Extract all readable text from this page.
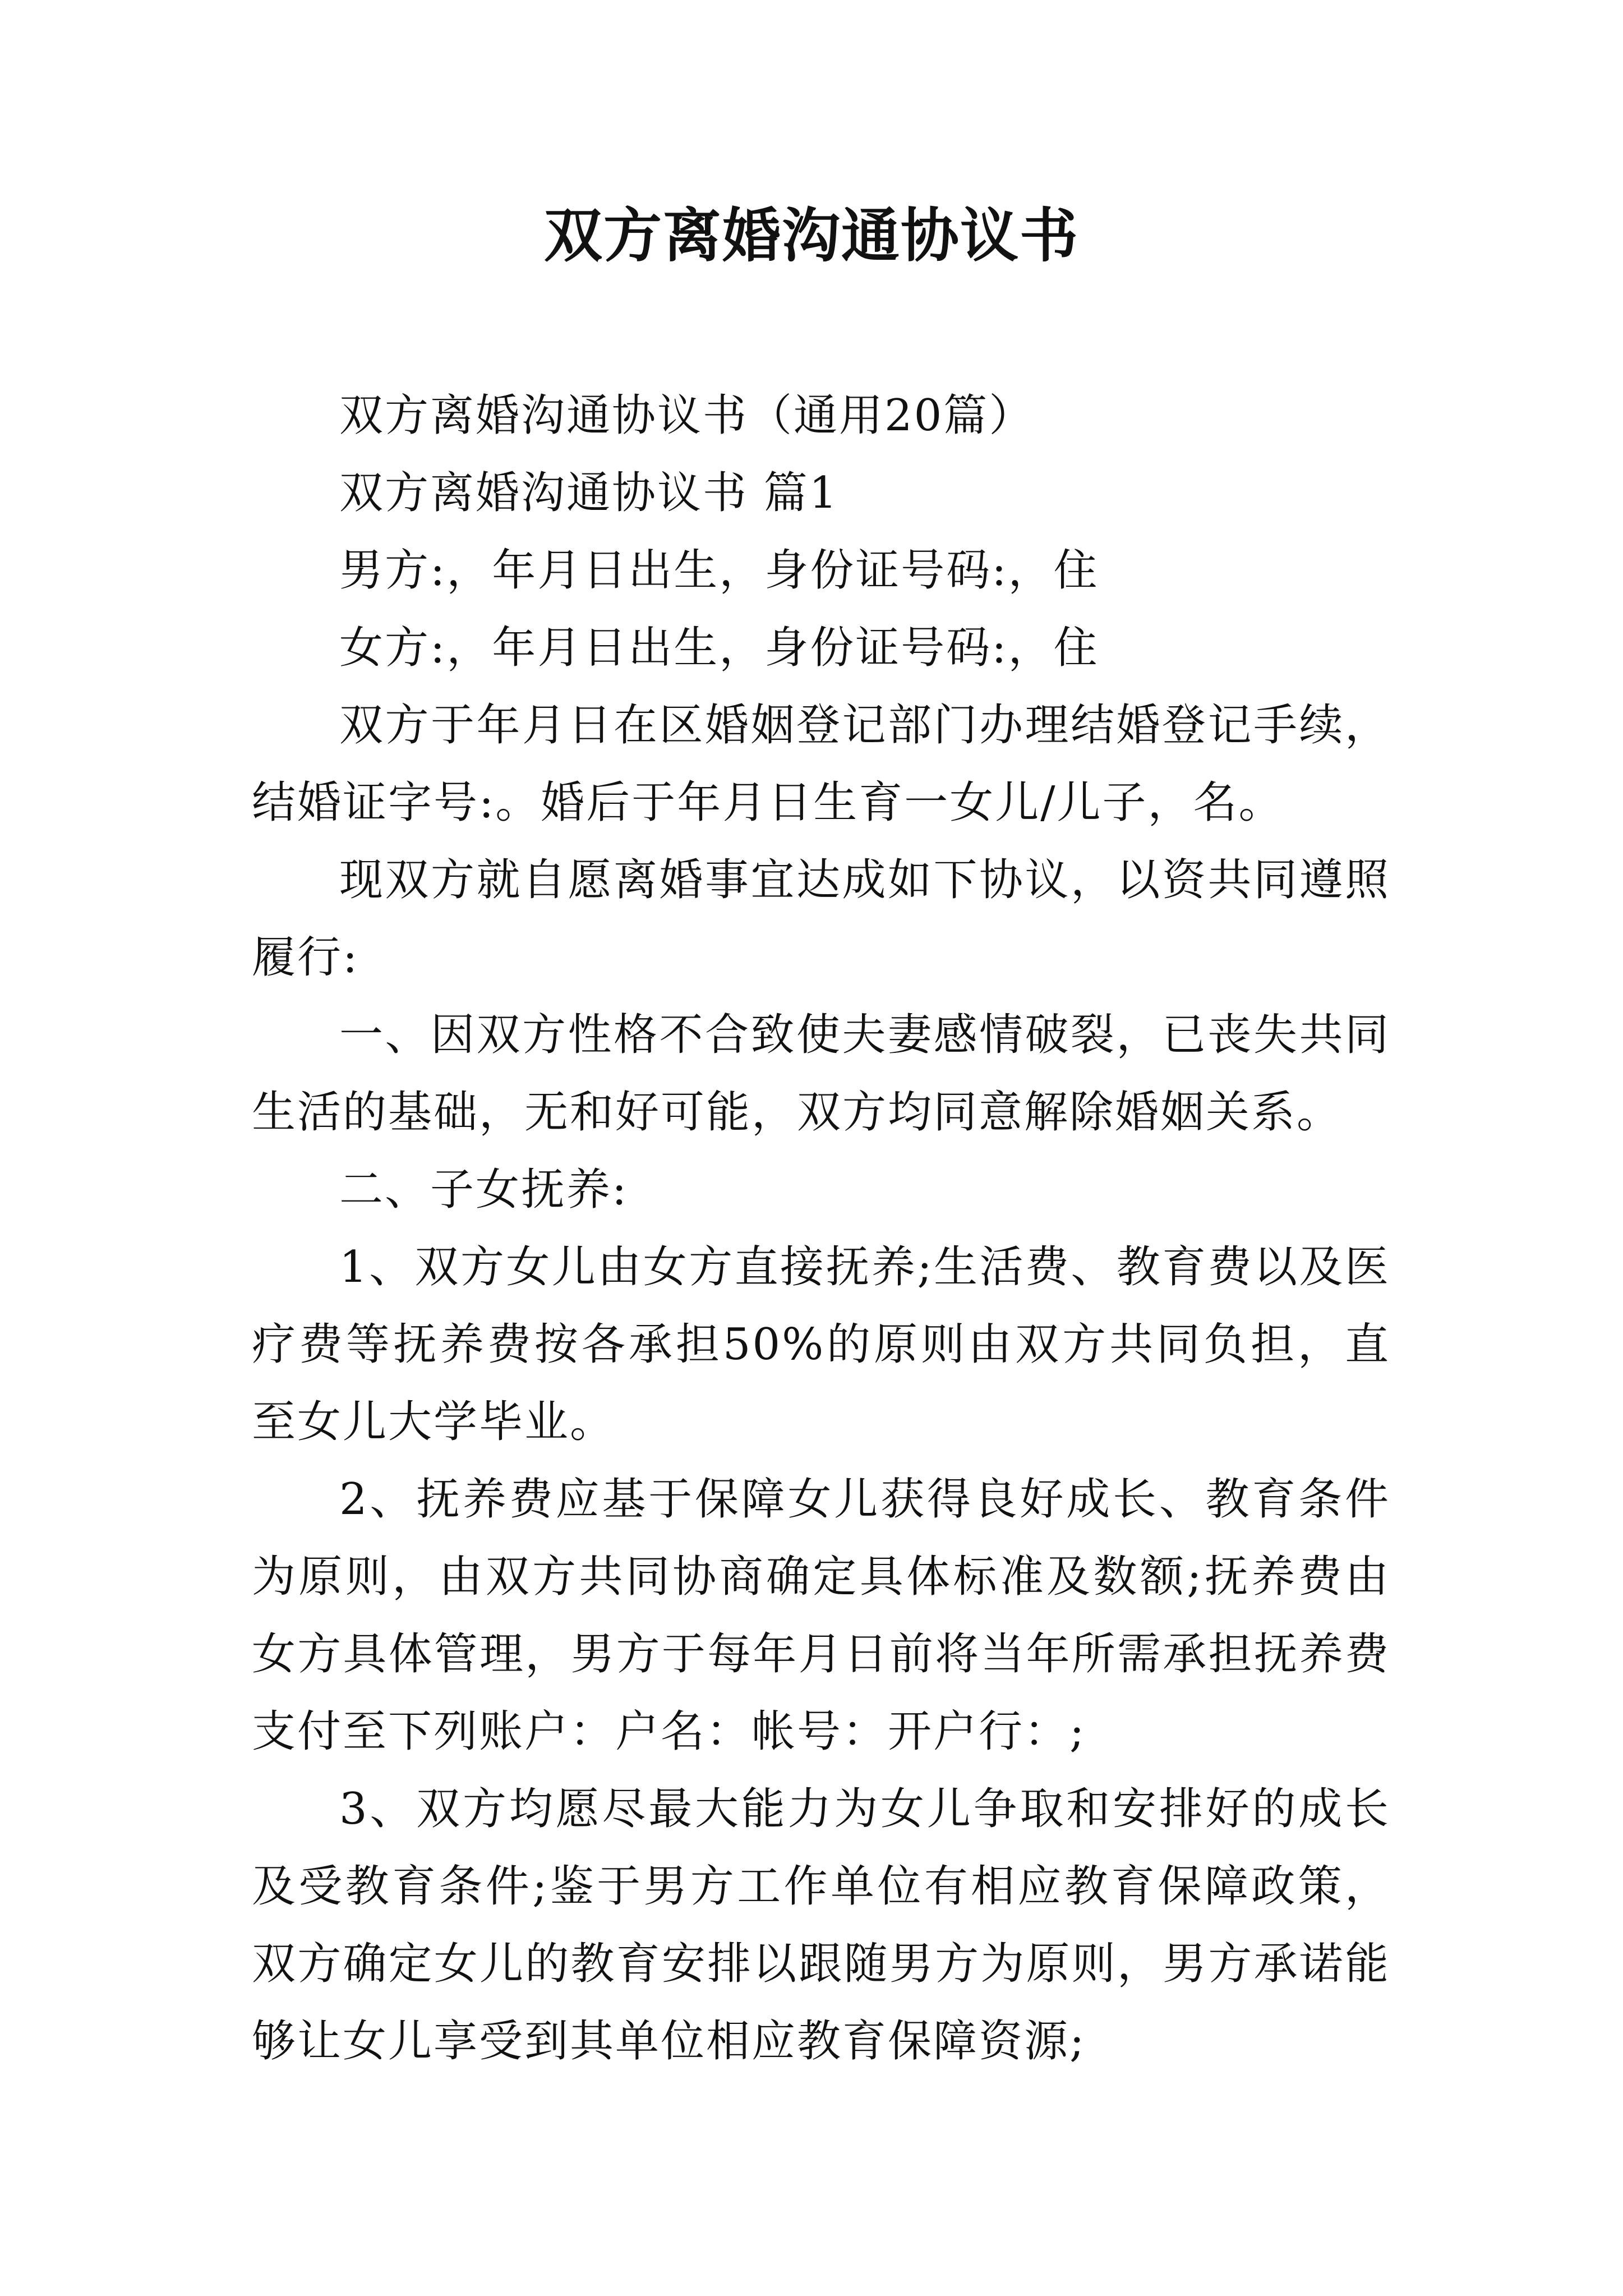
双方离婚沟通协议书

双方离婚沟通协议书（通用20篇）

双方离婚沟通协议书 篇1

男方:，年月日出生，身份证号码:，住

女方:，年月日出生，身份证号码:，住

双方于年月日在区婚姻登记部门办理结婚登记手续，结婚证字号:。婚后于年月日生育一女儿/儿子，名。

现双方就自愿离婚事宜达成如下协议，以资共同遵照履行:

一、因双方性格不合致使夫妻感情破裂，已丧失共同生活的基础，无和好可能，双方均同意解除婚姻关系。

二、子女抚养:

1、双方女儿由女方直接抚养;生活费、教育费以及医疗费等抚养费按各承担50%的原则由双方共同负担，直至女儿大学毕业。

2、抚养费应基于保障女儿获得良好成长、教育条件为原则，由双方共同协商确定具体标准及数额;抚养费由女方具体管理，男方于每年月日前将当年所需承担抚养费支付至下列账户：户名：帐号：开户行：;

3、双方均愿尽最大能力为女儿争取和安排好的成长及受教育条件;鉴于男方工作单位有相应教育保障政策，双方确定女儿的教育安排以跟随男方为原则，男方承诺能够让女儿享受到其单位相应教育保障资源;
